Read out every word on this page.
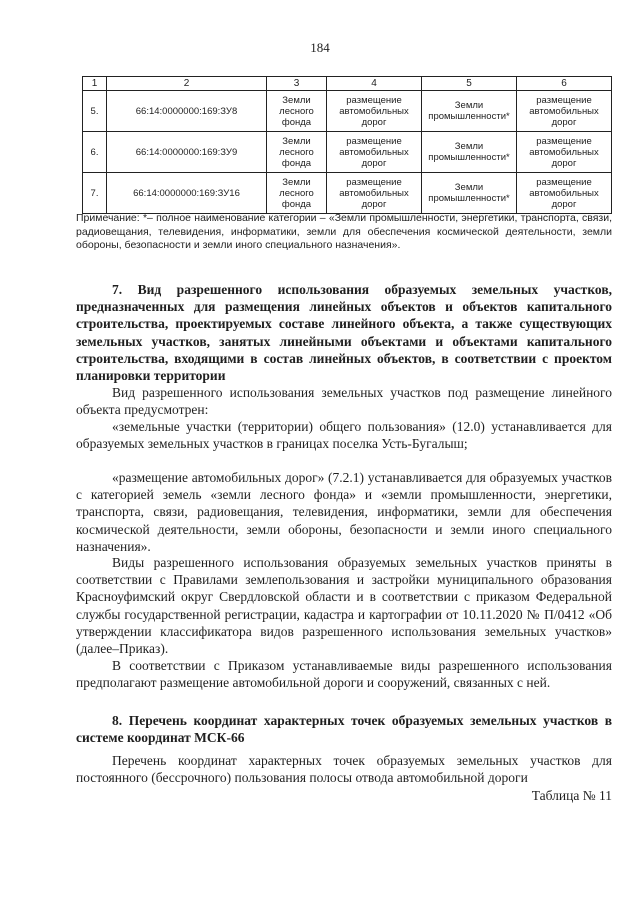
184
1	2	3	4	5	6
5.	66:14:0000000:169:ЗУ8	Земли лесного фонда	размещение автомобильных дорог	Земли промышленности*	размещение автомобильных дорог
6.	66:14:0000000:169:ЗУ9	Земли лесного фонда	размещение автомобильных дорог	Земли промышленности*	размещение автомобильных дорог
7.	66:14:0000000:169:ЗУ16	Земли лесного фонда	размещение автомобильных дорог	Земли промышленности*	размещение автомобильных дорог
Примечание: *– полное наименование категории – «Земли промышленности, энергетики, транспорта, связи, радиовещания, телевидения, информатики, земли для обеспечения космической деятельности, земли обороны, безопасности и земли иного специального назначения».
7. Вид разрешенного использования образуемых земельных участков, предназначенных для размещения линейных объектов и объектов капитального строительства, проектируемых составе линейного объекта, а также существующих земельных участков, занятых линейными объектами и объектами капитального строительства, входящими в состав линейных объектов, в соответствии с проектом планировки территории
Вид разрешенного использования земельных участков под размещение линейного объекта предусмотрен:
«земельные участки (территории) общего пользования» (12.0) устанавливается для образуемых земельных участков в границах поселка Усть-Бугалыш;
«размещение автомобильных дорог» (7.2.1) устанавливается для образуемых участков с категорией земель «земли лесного фонда» и «земли промышленности, энергетики, транспорта, связи, радиовещания, телевидения, информатики, земли для обеспечения космической деятельности, земли обороны, безопасности и земли иного специального назначения».
Виды разрешенного использования образуемых земельных участков приняты в соответствии с Правилами землепользования и застройки муниципального образования Красноуфимский округ Свердловской области и в соответствии с приказом Федеральной службы государственной регистрации, кадастра и картографии от 10.11.2020 № П/0412 «Об утверждении классификатора видов разрешенного использования земельных участков» (далее–Приказ).
В соответствии с Приказом устанавливаемые виды разрешенного использования предполагают размещение автомобильной дороги и сооружений, связанных с ней.
8. Перечень координат характерных точек образуемых земельных участков в системе координат МСК-66
Перечень координат характерных точек образуемых земельных участков для постоянного (бессрочного) пользования полосы отвода автомобильной дороги
Таблица № 11
